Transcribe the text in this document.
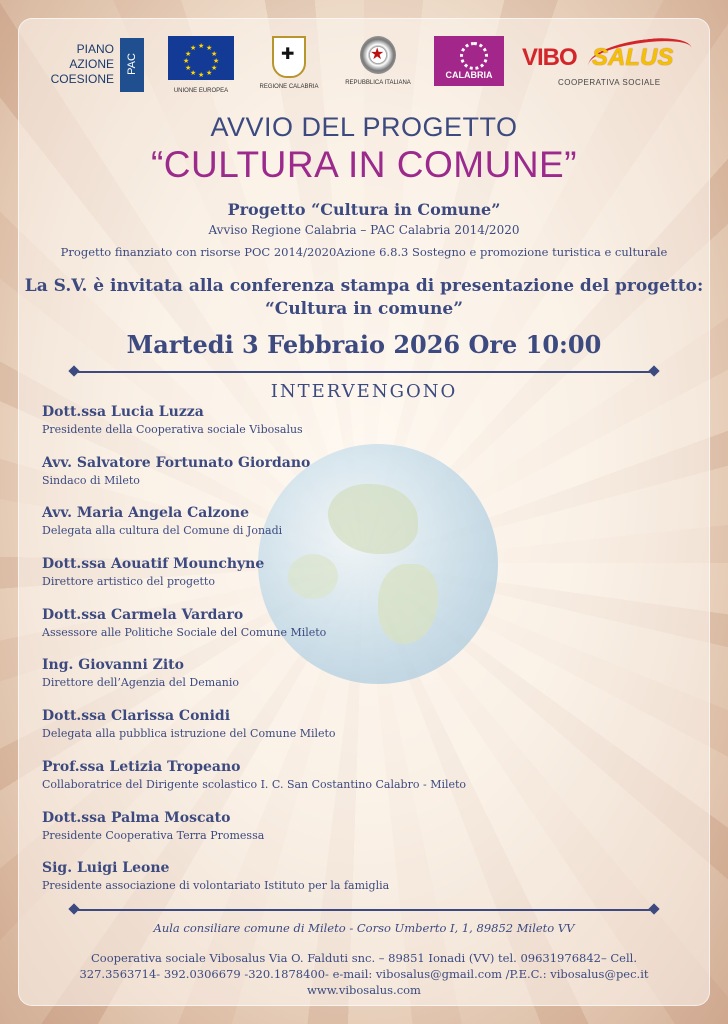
PIANO
AZIONE
COESIONE
PAC
★ ★
★
★
★
★
★
★
★
★
★
★
UNIONE EUROPEA
✚
REGIONE CALABRIA
★
REPUBBLICA ITALIANA
CALABRIA
VIBO SALUS
COOPERATIVA SOCIALE
AVVIO DEL PROGETTO
“CULTURA IN COMUNE”
Progetto “Cultura in Comune”
Avviso Regione Calabria – PAC Calabria 2014/2020
Progetto finanziato con risorse POC 2014/2020Azione 6.8.3 Sostegno e promozione turistica e culturale
La S.V. è invitata alla conferenza stampa di presentazione del progetto:
“Cultura in comune”
Martedi 3 Febbraio 2026 Ore 10:00
INTERVENGONO
Dott.ssa Lucia Luzza
Presidente della Cooperativa sociale Vibosalus
Avv. Salvatore Fortunato Giordano
Sindaco di Mileto
Avv. Maria Angela Calzone
Delegata alla cultura del Comune di Jonadi
Dott.ssa Aouatif Mounchyne
Direttore artistico del progetto
Dott.ssa Carmela Vardaro
Assessore alle Politiche Sociale del Comune Mileto
Ing. Giovanni Zito
Direttore dell’Agenzia del Demanio
Dott.ssa Clarissa Conidi
Delegata alla pubblica istruzione del Comune Mileto
Prof.ssa Letizia Tropeano
Collaboratrice del Dirigente scolastico I. C. San Costantino Calabro - Mileto
Dott.ssa Palma Moscato
Presidente Cooperativa Terra Promessa
Sig. Luigi Leone
Presidente associazione di volontariato Istituto per la famiglia
Aula consiliare comune di Mileto - Corso Umberto I, 1, 89852 Mileto VV
Cooperativa sociale Vibosalus Via O. Falduti snc. – 89851 Ionadi (VV) tel. 09631976842– Cell.
327.3563714- 392.0306679 -320.1878400- e-mail: vibosalus@gmail.com /P.E.C.: vibosalus@pec.it
www.vibosalus.com
